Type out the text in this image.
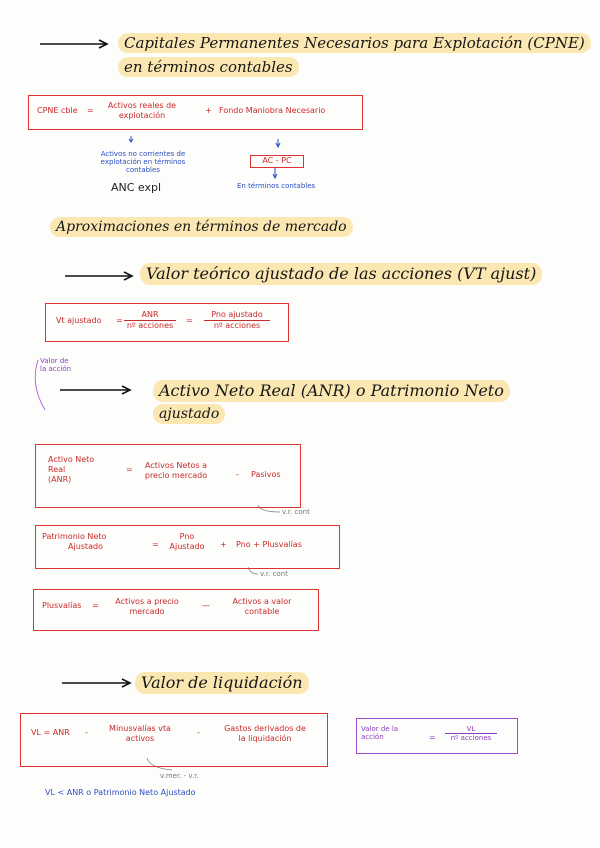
Capitales Permanentes Necesarios para Explotación (CPNE)
en términos contables
CPNE cble =
Activos reales de explotación
+ Fondo Maniobra Necesario
Activos no corrientes de
explotación en términos
contables
ANC expl
AC - PC
En términos contables
Aproximaciones en términos de mercado
Valor teórico ajustado de las acciones (VT ajust)
Vt ajustado =
ANR
nº acciones
=
Pno ajustado
nº acciones
Valor de
la acción
Activo Neto Real (ANR) o Patrimonio Neto
ajustado
Activo Neto
Real
(ANR)
=	Activos Netos a
precio mercado	- Pasivos
v.r. cont
Patrimonio Neto
Ajustado	=
Pno
Ajustado	+ Pno + Plusvalías
v.r. cont
Plusvalías =	Activos a precio
mercado
—	Activos a valor
contable
Valor de liquidación
VL = ANR -	Minusvalías vta
activos
-	Gastos derivados de
la liquidación
v.mer. - v.r.
Valor de la
acción	=
VL
nº acciones
VL < ANR o Patrimonio Neto Ajustado
